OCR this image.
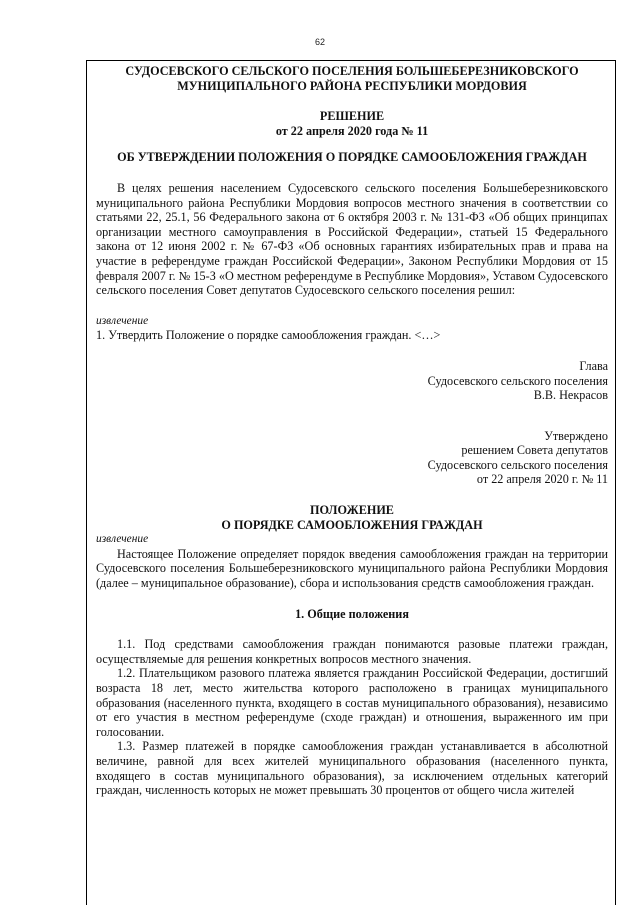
62

СУДОСЕВСКОГО СЕЛЬСКОГО ПОСЕЛЕНИЯ БОЛЬШЕБЕРЕЗНИКОВСКОГО

МУНИЦИПАЛЬНОГО РАЙОНА РЕСПУБЛИКИ МОРДОВИЯ

РЕШЕНИЕ

от 22 апреля 2020 года № 11

ОБ УТВЕРЖДЕНИИ ПОЛОЖЕНИЯ О ПОРЯДКЕ САМООБЛОЖЕНИЯ ГРАЖДАН

В целях решения населением Судосевского сельского поселения Большеберезниковского муниципального района Республики Мордовия вопросов местного значения в соответствии со статьями 22, 25.1, 56 Федерального закона от 6 октября 2003 г. № 131-ФЗ «Об общих принципах организации местного самоуправления в Российской Федерации», статьей 15 Федерального закона от 12 июня 2002 г. № 67-ФЗ «Об основных гарантиях избирательных прав и права на участие в референдуме граждан Российской Федерации», Законом Республики Мордовия от 15 февраля 2007 г. № 15-З «О местном референдуме в Республике Мордовия», Уставом Судосевского сельского поселения Совет депутатов Судосевского сельского поселения решил:

извлечение

1. Утвердить Положение о порядке самообложения граждан. <…>

Глава

Судосевского сельского поселения

В.В. Некрасов

Утверждено

решением Совета депутатов

Судосевского сельского поселения

от 22 апреля 2020 г. № 11

ПОЛОЖЕНИЕ

О ПОРЯДКЕ САМООБЛОЖЕНИЯ ГРАЖДАН

извлечение

Настоящее Положение определяет порядок введения самообложения граждан на территории Судосевского поселения Большеберезниковского муниципального района Республики Мордовия (далее – муниципальное образование), сбора и использования средств самообложения граждан.

1. Общие положения

1.1. Под средствами самообложения граждан понимаются разовые платежи граждан, осуществляемые для решения конкретных вопросов местного значения.

1.2. Плательщиком разового платежа является гражданин Российской Федерации, достигший возраста 18 лет, место жительства которого расположено в границах муниципального образования (населенного пункта, входящего в состав муниципального образования), независимо от его участия в местном референдуме (сходе граждан) и отношения, выраженного им при голосовании.

1.3. Размер платежей в порядке самообложения граждан устанавливается в абсолютной величине, равной для всех жителей муниципального образования (населенного пункта, входящего в состав муниципального образования), за исключением отдельных категорий граждан, численность которых не может превышать 30 процентов от общего числа жителей
